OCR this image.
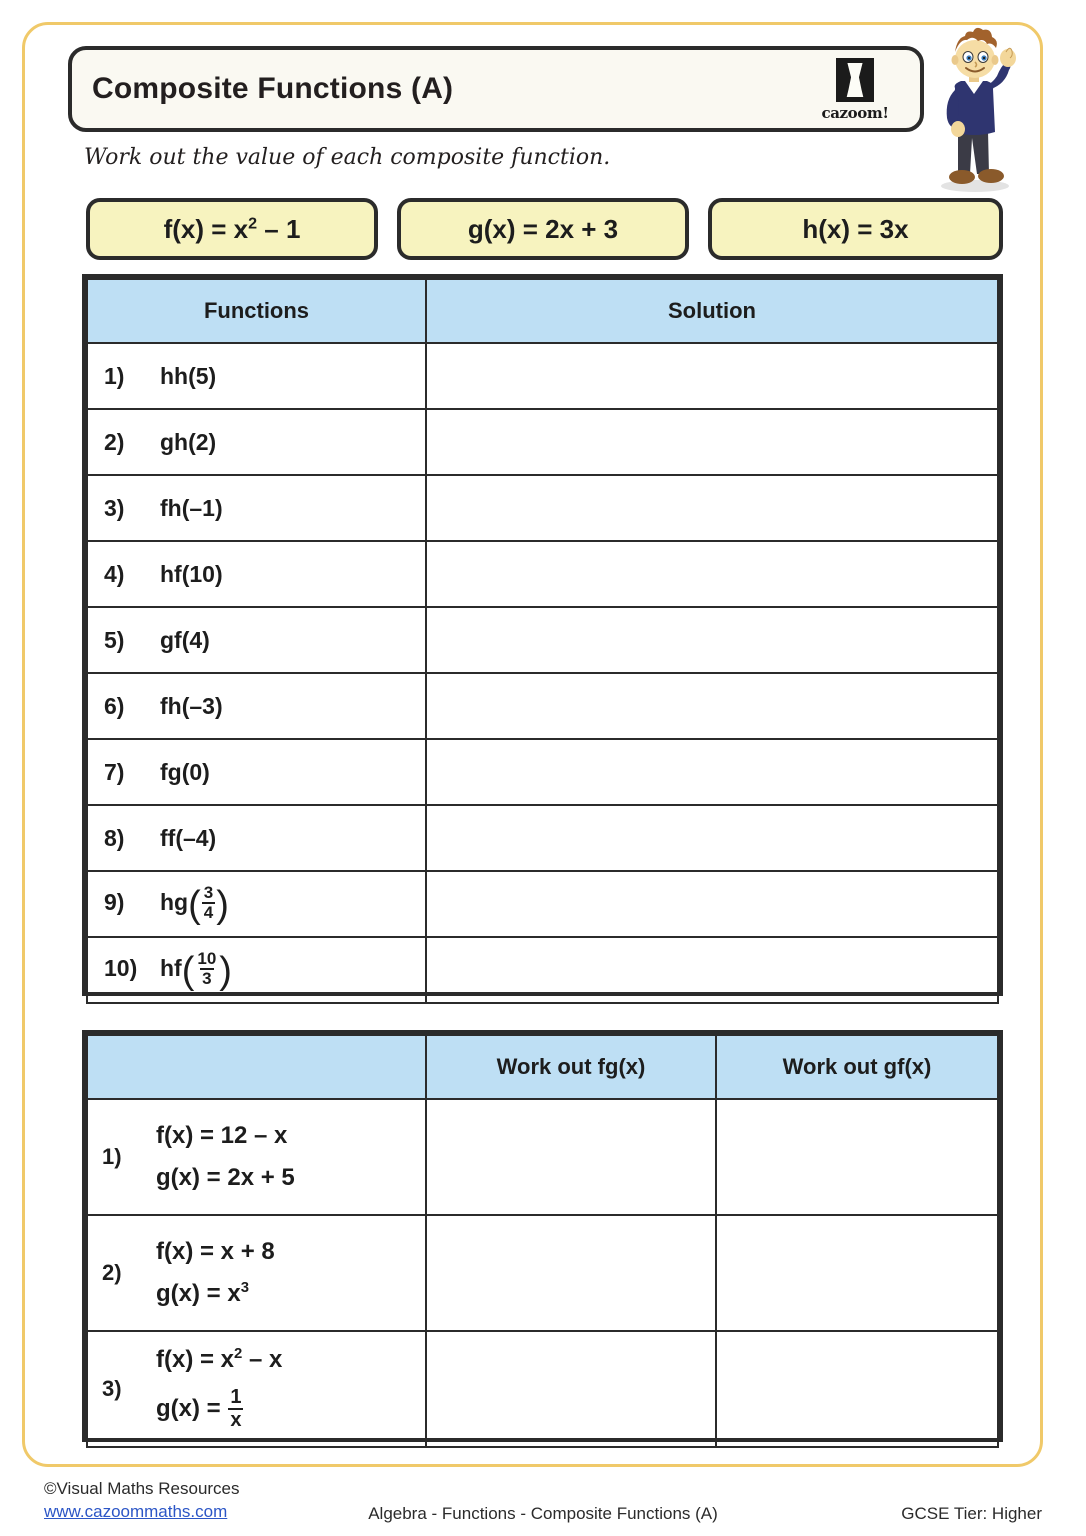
Composite Functions (A)
cazoom!
Work out the value of each composite function.
$f(x) = x^2 - 1$	g(x) = 2x + 3	h(x) = 3x
Functions	Solution
1) hh(5)	
2) gh(2)	
3) fh(–1)	
4) hf(10)	
5) gf(4)	
6) fh(–3)	
7) fg(0)	
8) ff(–4)	
9) $hg( \frac{3}{4}$ )	
10) $hf( \frac{10}{3}$ )	
	Work out fg(x)	Work out gf(x)

1)
f(x) = 12 – x
g(x) = 2x + 5		

2)
f(x) = x + 8
$g(x) = x^3$

3)
$f(x) = x^2 - x$
$g(x) = \frac{1}{x}$

©Visual Maths Resources
www.cazoommaths.com	Algebra - Functions - Composite Functions (A)	GCSE Tier: Higher
